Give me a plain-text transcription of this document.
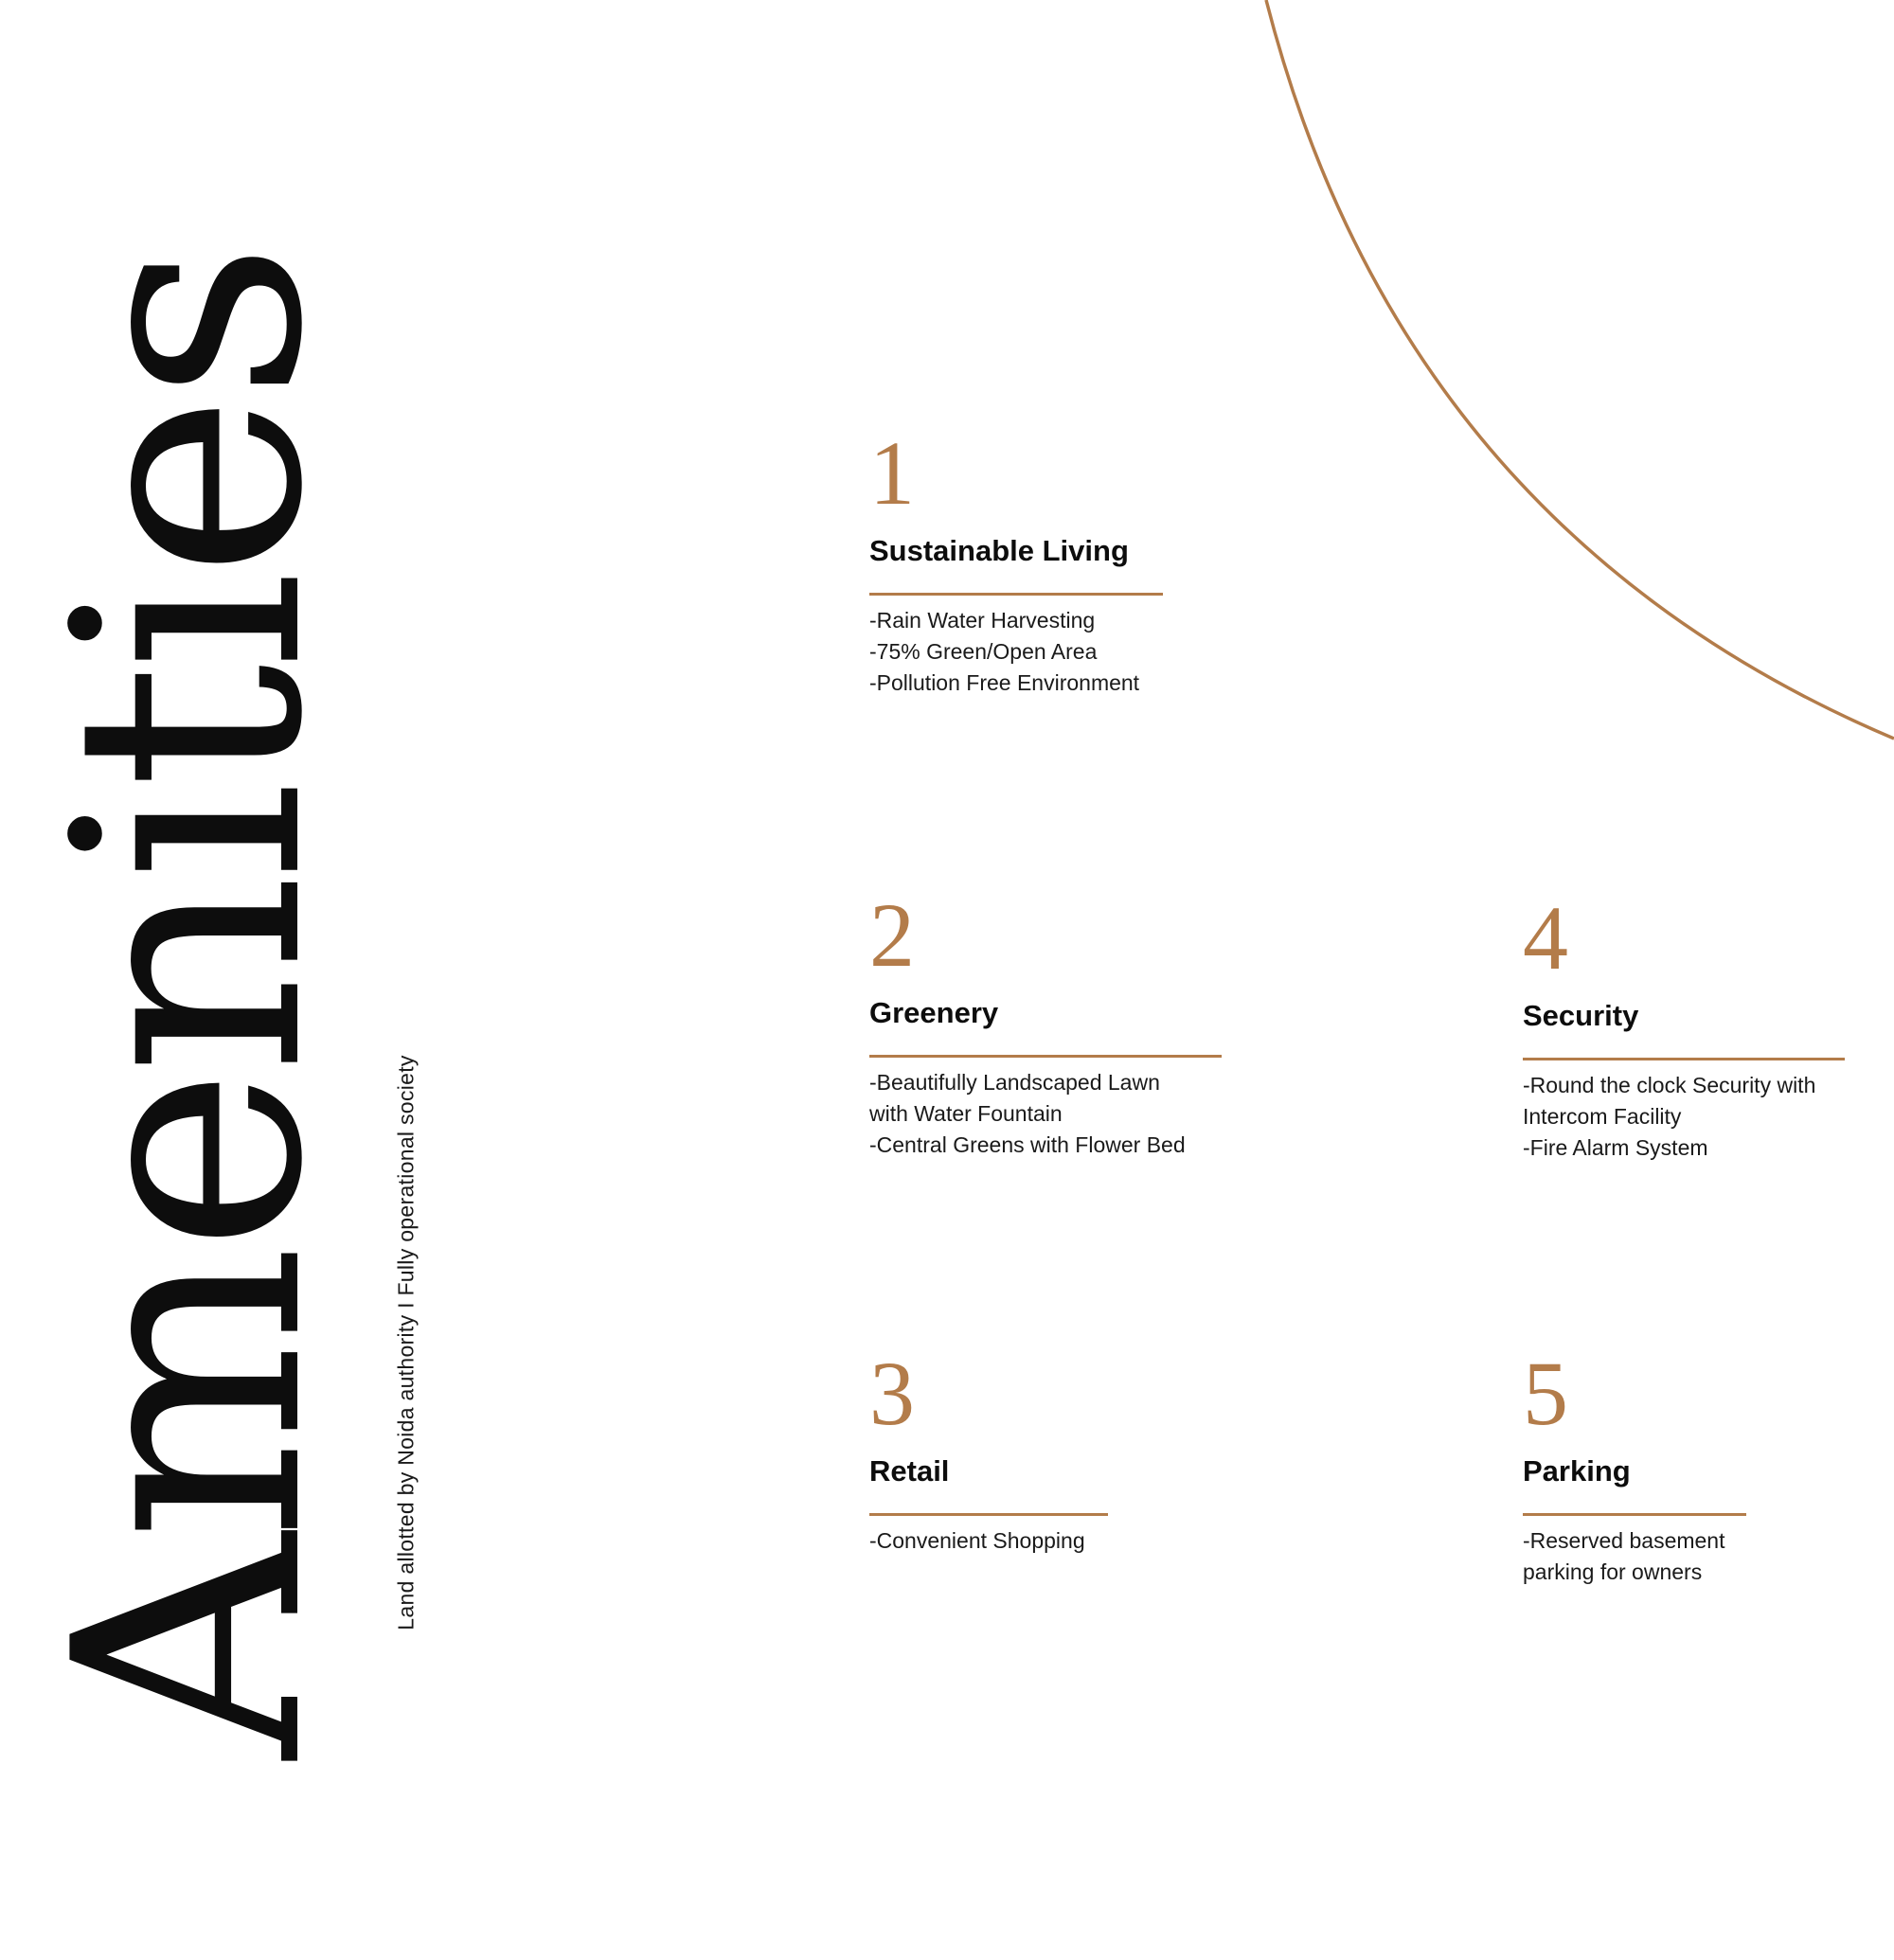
Amenities Land allotted by Noida authority I Fully operational society
1
Sustainable Living
-Rain Water Harvesting
-75% Green/Open Area
-Pollution Free Environment
2
Greenery
-Beautifully Landscaped Lawn
with Water Fountain
-Central Greens with Flower Bed
3
Retail
-Convenient Shopping
4
Security
-Round the clock Security with
Intercom Facility
-Fire Alarm System
5
Parking
-Reserved basement
parking for owners
